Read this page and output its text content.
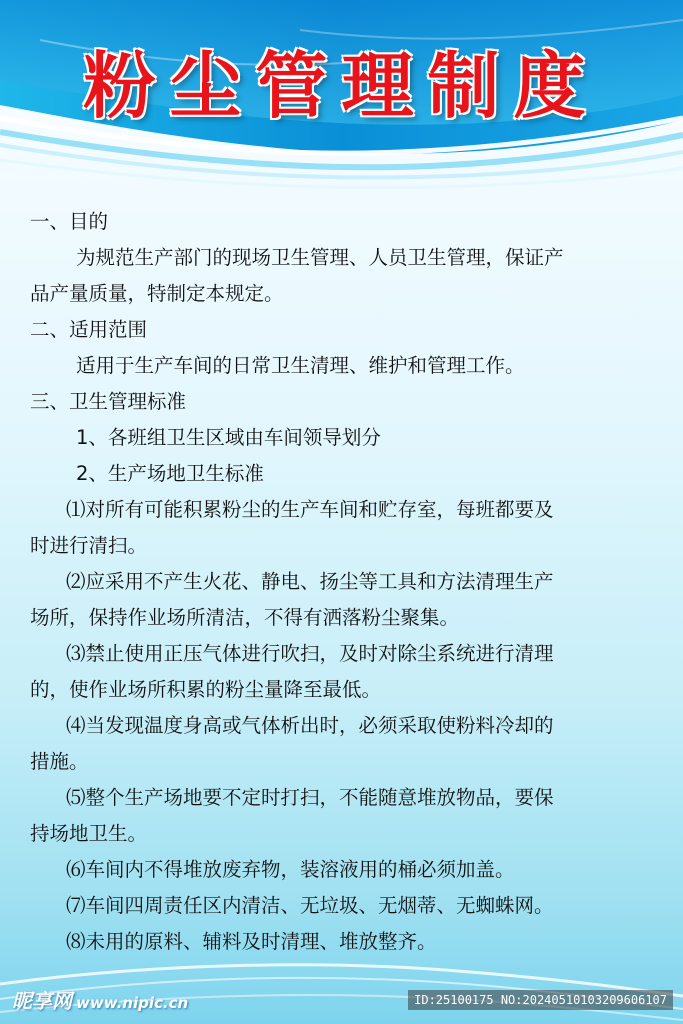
粉尘管理制度

一、目的

为规范生产部门的现场卫生管理、人员卫生管理，保证产

品产量质量，特制定本规定。

二、适用范围

适用于生产车间的日常卫生清理、维护和管理工作。

三、卫生管理标准

1、各班组卫生区域由车间领导划分

2、生产场地卫生标准

⑴对所有可能积累粉尘的生产车间和贮存室，每班都要及

时进行清扫。

⑵应采用不产生火花、静电、扬尘等工具和方法清理生产

场所，保持作业场所清洁，不得有洒落粉尘聚集。

⑶禁止使用正压气体进行吹扫，及时对除尘系统进行清理

的，使作业场所积累的粉尘量降至最低。

⑷当发现温度身高或气体析出时，必须采取使粉料冷却的

措施。

⑸整个生产场地要不定时打扫，不能随意堆放物品，要保

持场地卫生。

⑹车间内不得堆放废弃物，装溶液用的桶必须加盖。

⑺车间四周责任区内清洁、无垃圾、无烟蒂、无蜘蛛网。

⑻未用的原料、辅料及时清理、堆放整齐。

昵享网 www.nipic.cn	ID:25100175 NO:20240510103209606107
